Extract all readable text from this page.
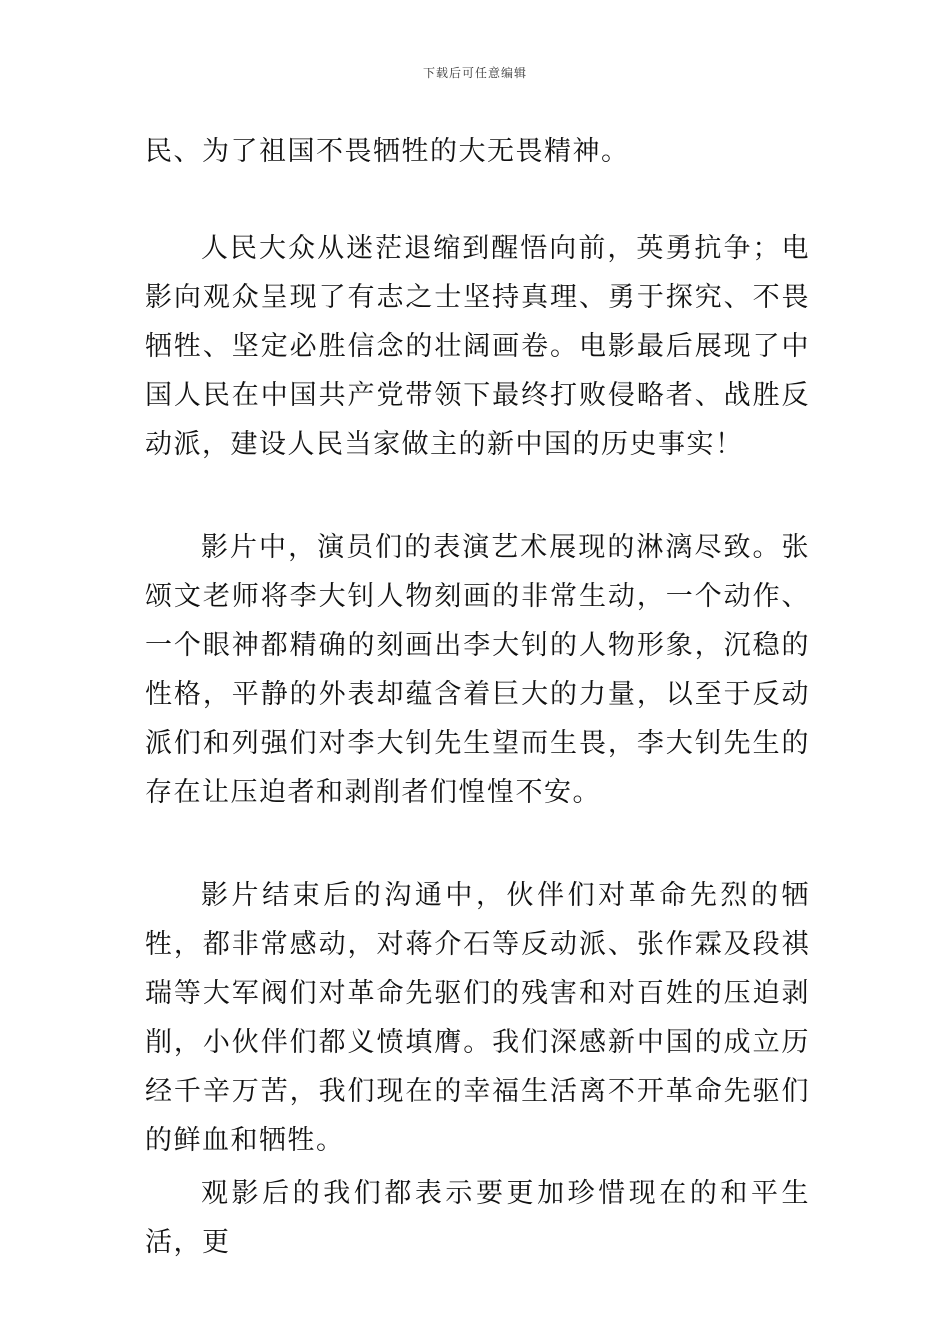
下载后可任意编辑

民、为了祖国不畏牺牲的大无畏精神。

人民大众从迷茫退缩到醒悟向前，英勇抗争；电影向观众呈现了有志之士坚持真理、勇于探究、不畏牺牲、坚定必胜信念的壮阔画卷。电影最后展现了中国人民在中国共产党带领下最终打败侵略者、战胜反动派，建设人民当家做主的新中国的历史事实！

影片中，演员们的表演艺术展现的淋漓尽致。张颂文老师将李大钊人物刻画的非常生动，一个动作、一个眼神都精确的刻画出李大钊的人物形象，沉稳的性格，平静的外表却蕴含着巨大的力量，以至于反动派们和列强们对李大钊先生望而生畏，李大钊先生的存在让压迫者和剥削者们惶惶不安。

影片结束后的沟通中，伙伴们对革命先烈的牺牲，都非常感动，对蒋介石等反动派、张作霖及段祺瑞等大军阀们对革命先驱们的残害和对百姓的压迫剥削，小伙伴们都义愤填膺。我们深感新中国的成立历经千辛万苦，我们现在的幸福生活离不开革命先驱们的鲜血和牺牲。

观影后的我们都表示要更加珍惜现在的和平生活，更
